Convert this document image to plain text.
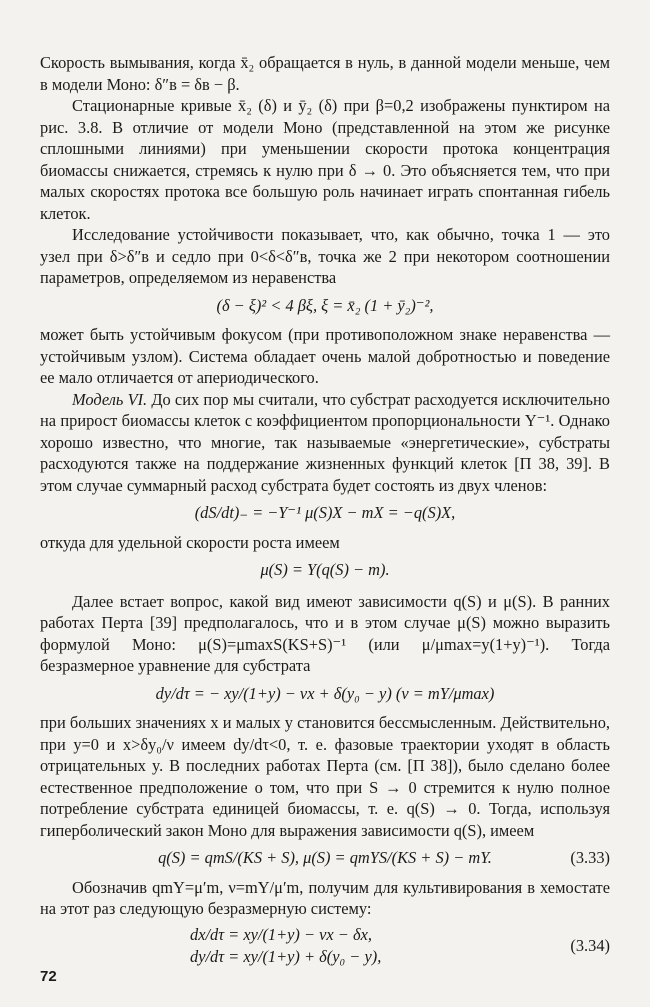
Скорость вымывания, когда x̄₂ обращается в нуль, в данной модели меньше, чем в модели Моно: δ″в = δв − β.

Стационарные кривые x̄₂ (δ) и ȳ₂ (δ) при β=0,2 изображены пунктиром на рис. 3.8. В отличие от модели Моно (представленной на этом же рисунке сплошными линиями) при уменьшении скорости протока концентрация биомассы снижается, стремясь к нулю при δ → 0. Это объясняется тем, что при малых скоростях протока все большую роль начинает играть спонтанная гибель клеток.

Исследование устойчивости показывает, что, как обычно, точка 1 — это узел при δ>δ″в и седло при 0<δ<δ″в, точка же 2 при некотором соотношении параметров, определяемом из неравенства

(δ − ξ)² < 4 βξ, ξ = x̄₂ (1 + ȳ₂)⁻²,

может быть устойчивым фокусом (при противоположном знаке неравенства — устойчивым узлом). Система обладает очень малой добротностью и поведение ее мало отличается от апериодического.

Модель VI. До сих пор мы считали, что субстрат расходуется исключительно на прирост биомассы клеток с коэффициентом пропорциональности Y⁻¹. Однако хорошо известно, что многие, так называемые «энергетические», субстраты расходуются также на поддержание жизненных функций клеток [П 38, 39]. В этом случае суммарный расход субстрата будет состоять из двух членов:

(dS/dt)₋ = −Y⁻¹ μ(S)X − mX = −q(S)X,

откуда для удельной скорости роста имеем

μ(S) = Y(q(S) − m).

Далее встает вопрос, какой вид имеют зависимости q(S) и μ(S). В ранних работах Перта [39] предполагалось, что и в этом случае μ(S) можно выразить формулой Моно: μ(S)=μmaxS(KS+S)⁻¹ (или μ/μmax=y(1+y)⁻¹). Тогда безразмерное уравнение для субстрата

dy/dτ = − xy/(1+y) − νx + δ(y₀ − y) (ν = mY/μmax)

при больших значениях x и малых y становится бессмысленным. Действительно, при y=0 и x>δy₀/ν имеем dy/dτ<0, т. е. фазовые траектории уходят в область отрицательных y. В последних работах Перта (см. [П 38]), было сделано более естественное предположение о том, что при S → 0 стремится к нулю полное потребление субстрата единицей биомассы, т. е. q(S) → 0. Тогда, используя гиперболический закон Моно для выражения зависимости q(S), имеем

q(S) = qmS/(KS + S), μ(S) = qmYS/(KS + S) − mY.	(3.33)

Обозначив qmY=μ′m, ν=mY/μ′m, получим для культивирования в хемостате на этот раз следующую безразмерную систему:

dx/dτ = xy/(1+y) − νx − δx,
dy/dτ = xy/(1+y) + δ(y₀ − y),
(3.34)
72
